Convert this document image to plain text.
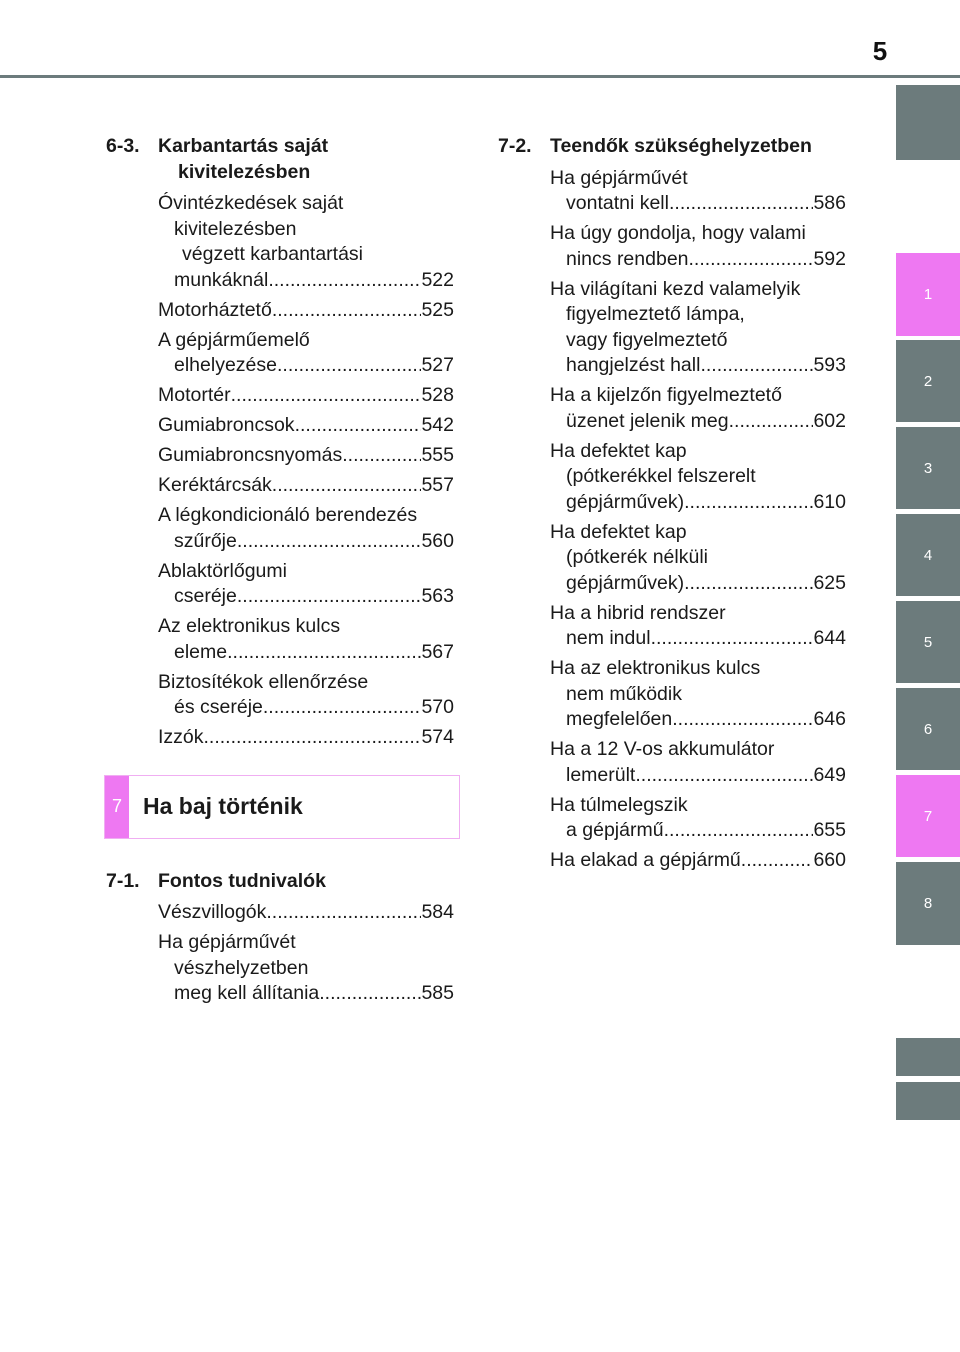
5
1
2
3
4
5
6
7
8
6-3. Karbantartás saját kivitelezésben
Óvintézkedések saját
kivitelezésben
végzett karbantartási
munkáknál .....	522
Motorháztető .....	525
A gépjárműemelő
elhelyezése .....	527
Motortér .....	528
Gumiabroncsok .....	542
Gumiabroncsnyomás .....	555
Keréktárcsák .....	557
A légkondicionáló berendezés
szűrője .....	560
Ablaktörlőgumi
cseréje .....	563
Az elektronikus kulcs
eleme .....	567
Biztosítékok ellenőrzése
és cseréje .....	570
Izzók .....	574
7 Ha baj történik
7-1. Fontos tudnivalók
Vészvillogók .....	584
Ha gépjárművét
vészhelyzetben
meg kell állítania .....	585
7-2. Teendők szükséghelyzetben
Ha gépjárművét
vontatni kell .....	586
Ha úgy gondolja, hogy valami
nincs rendben .....	592
Ha világítani kezd valamelyik
figyelmeztető lámpa,
vagy figyelmeztető
hangjelzést hall .....	593
Ha a kijelzőn figyelmeztető
üzenet jelenik meg .....	602
Ha defektet kap
(pótkerékkel felszerelt
gépjárművek) .....	610
Ha defektet kap
(pótkerék nélküli
gépjárművek) .....	625
Ha a hibrid rendszer
nem indul .....	644
Ha az elektronikus kulcs
nem működik
megfelelően .....	646
Ha a 12 V-os akkumulátor
lemerült .....	649
Ha túlmelegszik
a gépjármű .....	655
Ha elakad a gépjármű .....	660
